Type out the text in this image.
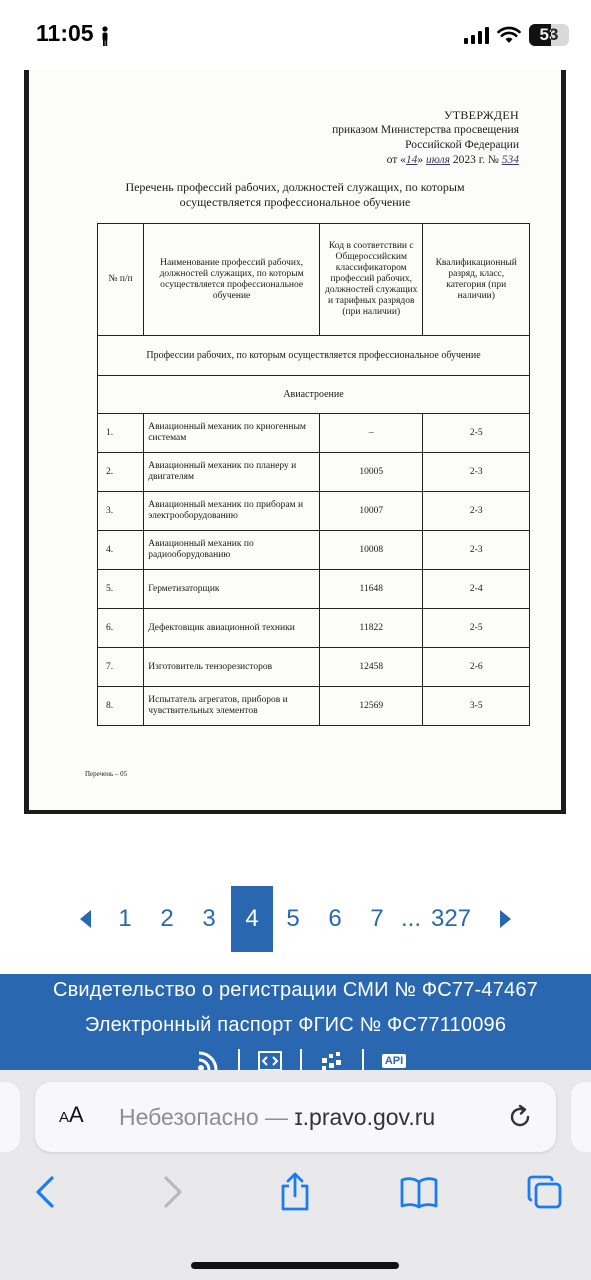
11:05	53
УТВЕРЖДЕН
приказом Министерства просвещения
Российской Федерации
от «14» июля 2023 г. № 534
Перечень профессий рабочих, должностей служащих, по которым
осуществляется профессиональное обучение
№ п/п	Наименование профессий рабочих, должностей служащих, по которым осуществляется профессиональное обучение	Код в соответствии с Общероссийским классификатором профессий рабочих, должностей служащих и тарифных разрядов (при наличии)	Квалификационный разряд, класс, категория (при наличии)
Профессии рабочих, по которым осуществляется профессиональное обучение			
Авиастроение			
1.	Авиационный механик по криогенным системам	–	2-5
2.	Авиационный механик по планеру и двигателям	10005	2-3
3.	Авиационный механик по приборам и электрооборудованию	10007	2-3
4.	Авиационный механик по радиооборудованию	10008	2-3
5.	Герметизаторщик	11648	2-4
6.	Дефектовщик авиационной техники	11822	2-5
7.	Изготовитель тензорезисторов	12458	2-6
8.	Испытатель агрегатов, приборов и чувствительных элементов	12569	3-5
Перечень – 05
1	2	3	4	5	6	7 ... 327
Свидетельство о регистрации СМИ № ФС77-47467
Электронный паспорт ФГИС № ФС77110096
API
AA Небезопасно — ɪ.pravo.gov.ru
